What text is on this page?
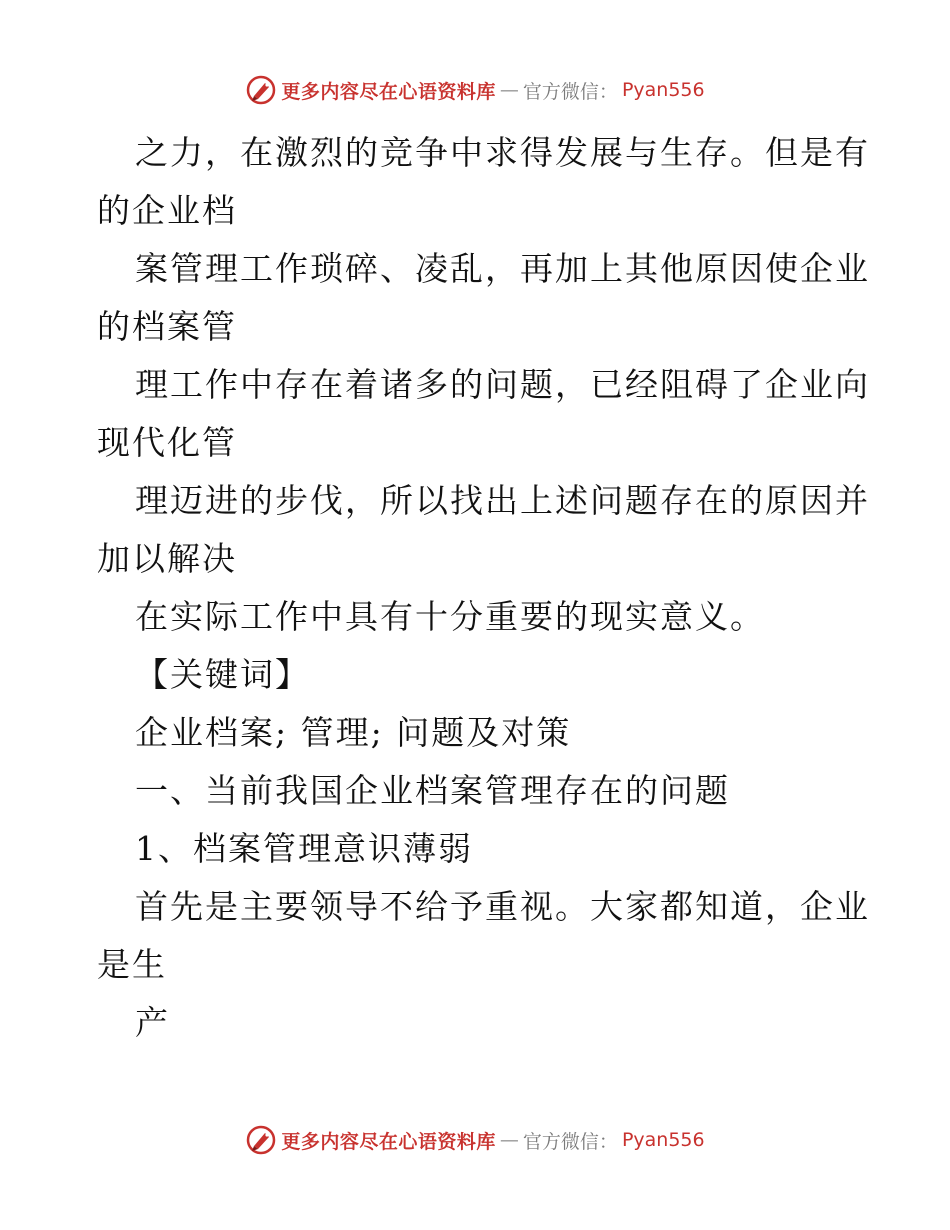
更多内容尽在心语资料库 — 官方微信： Pyan556
之力，在激烈的竞争中求得发展与生存。但是有
的企业档
案管理工作琐碎、凌乱，再加上其他原因使企业
的档案管
理工作中存在着诸多的问题，已经阻碍了企业向
现代化管
理迈进的步伐，所以找出上述问题存在的原因并
加以解决
在实际工作中具有十分重要的现实意义。
【关键词】
企业档案; 管理; 问题及对策
一、当前我国企业档案管理存在的问题
1、档案管理意识薄弱
首先是主要领导不给予重视。大家都知道，企业
是生
产
更多内容尽在心语资料库 — 官方微信： Pyan556
